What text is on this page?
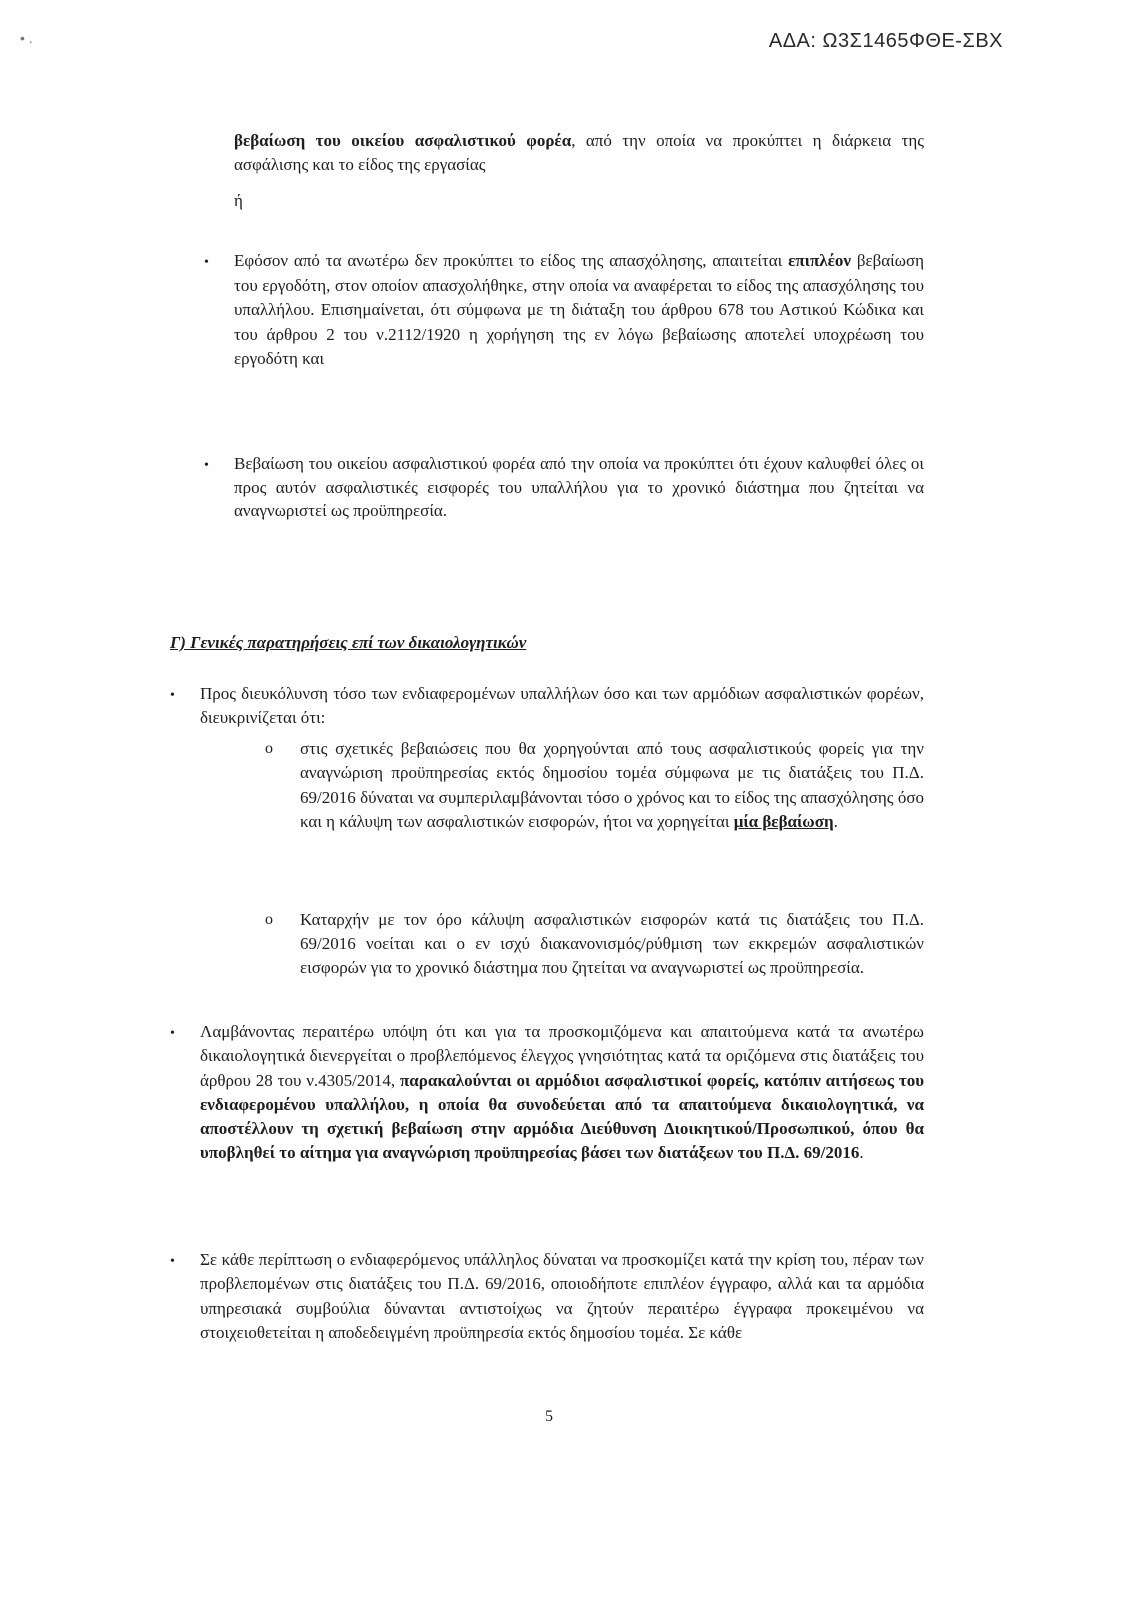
• .	ΑΔΑ: Ω3Σ1465ΦΘΕ-ΣΒΧ
βεβαίωση του οικείου ασφαλιστικού φορέα, από την οποία να προκύπτει η διάρκεια της ασφάλισης και το είδος της εργασίας
ή
• Εφόσον από τα ανωτέρω δεν προκύπτει το είδος της απασχόλησης, απαιτείται επιπλέον βεβαίωση του εργοδότη, στον οποίον απασχολήθηκε, στην οποία να αναφέρεται το είδος της απασχόλησης του υπαλλήλου. Επισημαίνεται, ότι σύμφωνα με τη διάταξη του άρθρου 678 του Αστικού Κώδικα και του άρθρου 2 του ν.2112/1920 η χορήγηση της εν λόγω βεβαίωσης αποτελεί υποχρέωση του εργοδότη και
• Βεβαίωση του οικείου ασφαλιστικού φορέα από την οποία να προκύπτει ότι έχουν καλυφθεί όλες οι προς αυτόν ασφαλιστικές εισφορές του υπαλλήλου για το χρονικό διάστημα που ζητείται να αναγνωριστεί ως προϋπηρεσία.
Γ) Γενικές παρατηρήσεις επί των δικαιολογητικών
• Προς διευκόλυνση τόσο των ενδιαφερομένων υπαλλήλων όσο και των αρμόδιων ασφαλιστικών φορέων, διευκρινίζεται ότι:
o στις σχετικές βεβαιώσεις που θα χορηγούνται από τους ασφαλιστικούς φορείς για την αναγνώριση προϋπηρεσίας εκτός δημοσίου τομέα σύμφωνα με τις διατάξεις του Π.Δ. 69/2016 δύναται να συμπεριλαμβάνονται τόσο ο χρόνος και το είδος της απασχόλησης όσο και η κάλυψη των ασφαλιστικών εισφορών, ήτοι να χορηγείται μία βεβαίωση.
o Καταρχήν με τον όρο κάλυψη ασφαλιστικών εισφορών κατά τις διατάξεις του Π.Δ. 69/2016 νοείται και ο εν ισχύ διακανονισμός/ρύθμιση των εκκρεμών ασφαλιστικών εισφορών για το χρονικό διάστημα που ζητείται να αναγνωριστεί ως προϋπηρεσία.
• Λαμβάνοντας περαιτέρω υπόψη ότι και για τα προσκομιζόμενα και απαιτούμενα κατά τα ανωτέρω δικαιολογητικά διενεργείται ο προβλεπόμενος έλεγχος γνησιότητας κατά τα οριζόμενα στις διατάξεις του άρθρου 28 του ν.4305/2014, παρακαλούνται οι αρμόδιοι ασφαλιστικοί φορείς, κατόπιν αιτήσεως του ενδιαφερομένου υπαλλήλου, η οποία θα συνοδεύεται από τα απαιτούμενα δικαιολογητικά, να αποστέλλουν τη σχετική βεβαίωση στην αρμόδια Διεύθυνση Διοικητικού/Προσωπικού, όπου θα υποβληθεί το αίτημα για αναγνώριση προϋπηρεσίας βάσει των διατάξεων του Π.Δ. 69/2016.
• Σε κάθε περίπτωση ο ενδιαφερόμενος υπάλληλος δύναται να προσκομίζει κατά την κρίση του, πέραν των προβλεπομένων στις διατάξεις του Π.Δ. 69/2016, οποιοδήποτε επιπλέον έγγραφο, αλλά και τα αρμόδια υπηρεσιακά συμβούλια δύνανται αντιστοίχως να ζητούν περαιτέρω έγγραφα προκειμένου να στοιχειοθετείται η αποδεδειγμένη προϋπηρεσία εκτός δημοσίου τομέα. Σε κάθε
5
